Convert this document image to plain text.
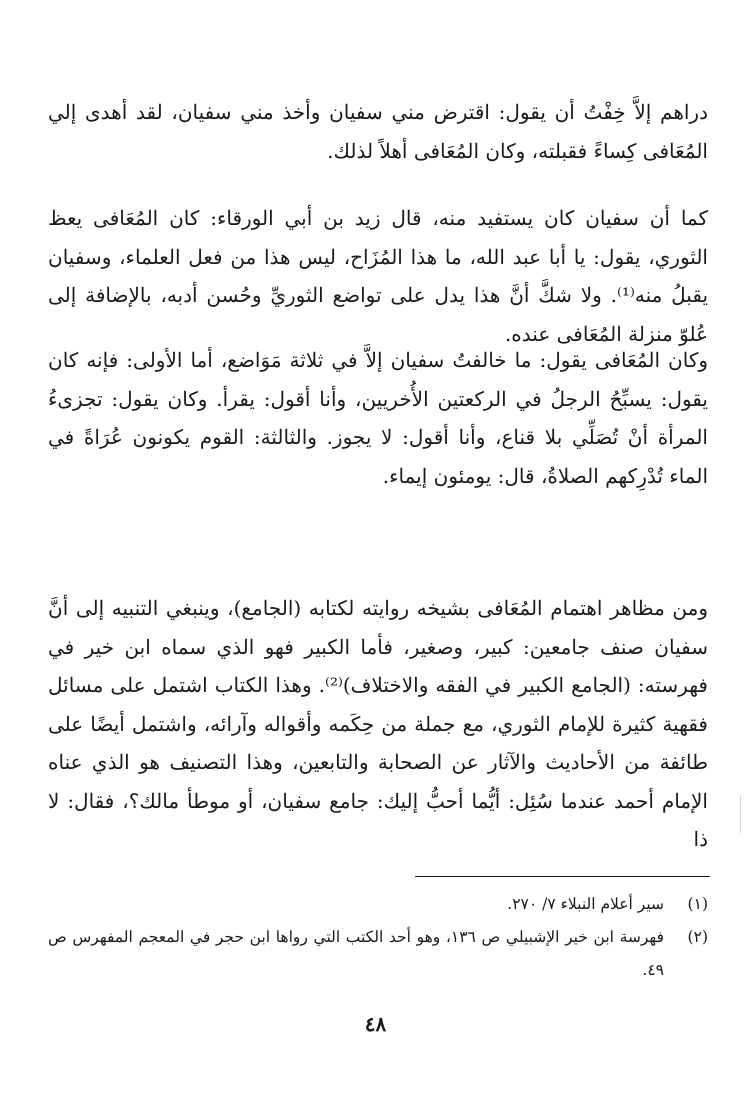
دراهم إلاَّ خِفْتُ أن يقول: اقترض مني سفيان وأخذ مني سفيان، لقد أهدى إلي المُعَافى كِساءً فقبلته، وكان المُعَافى أهلاً لذلك.

كما أن سفيان كان يستفيد منه، قال زيد بن أبي الورقاء: كان المُعَافى يعظ الثوري، يقول: يا أبا عبد الله، ما هذا المُزَاح، ليس هذا من فعل العلماء، وسفيان يقبلُ منه⁽¹⁾. ولا شكَّ أنَّ هذا يدل على تواضع الثوريِّ وحُسن أدبه، بالإضافة إلى عُلوّ منزلة المُعَافى عنده.

وكان المُعَافى يقول: ما خالفتُ سفيان إلاَّ في ثلاثة مَوَاضع، أما الأولى: فإنه كان يقول: يسبِّحُ الرجلُ في الركعتين الأُخريين، وأنا أقول: يقرأ. وكان يقول: تجزىءُ المرأة أنْ تُصَلِّي بلا قناع، وأنا أقول: لا يجوز. والثالثة: القوم يكونون عُرَاةً في الماء تُدْرِكهم الصلاةُ، قال: يومئون إيماء.

ومن مظاهر اهتمام المُعَافى بشيخه روايته لكتابه (الجامع)، وينبغي التنبيه إلى أنَّ سفيان صنف جامعين: كبير، وصغير، فأما الكبير فهو الذي سماه ابن خير في فهرسته: (الجامع الكبير في الفقه والاختلاف)⁽²⁾. وهذا الكتاب اشتمل على مسائل فقهية كثيرة للإمام الثوري، مع جملة من حِكَمه وأقواله وآرائه، واشتمل أيضًا على طائفة من الأحاديث والآثار عن الصحابة والتابعين، وهذا التصنيف هو الذي عناه الإمام أحمد عندما سُئِل: أيُّما أحبُّ إليك: جامع سفيان، أو موطأ مالك؟، فقال: لا ذا

(١)
سير أعلام النبلاء ٧/ ٢٧٠.
(٢)
فهرسة ابن خير الإشبيلي ص ١٣٦، وهو أحد الكتب التي رواها ابن حجر في المعجم المفهرس ص ٤٩.
٤٨
